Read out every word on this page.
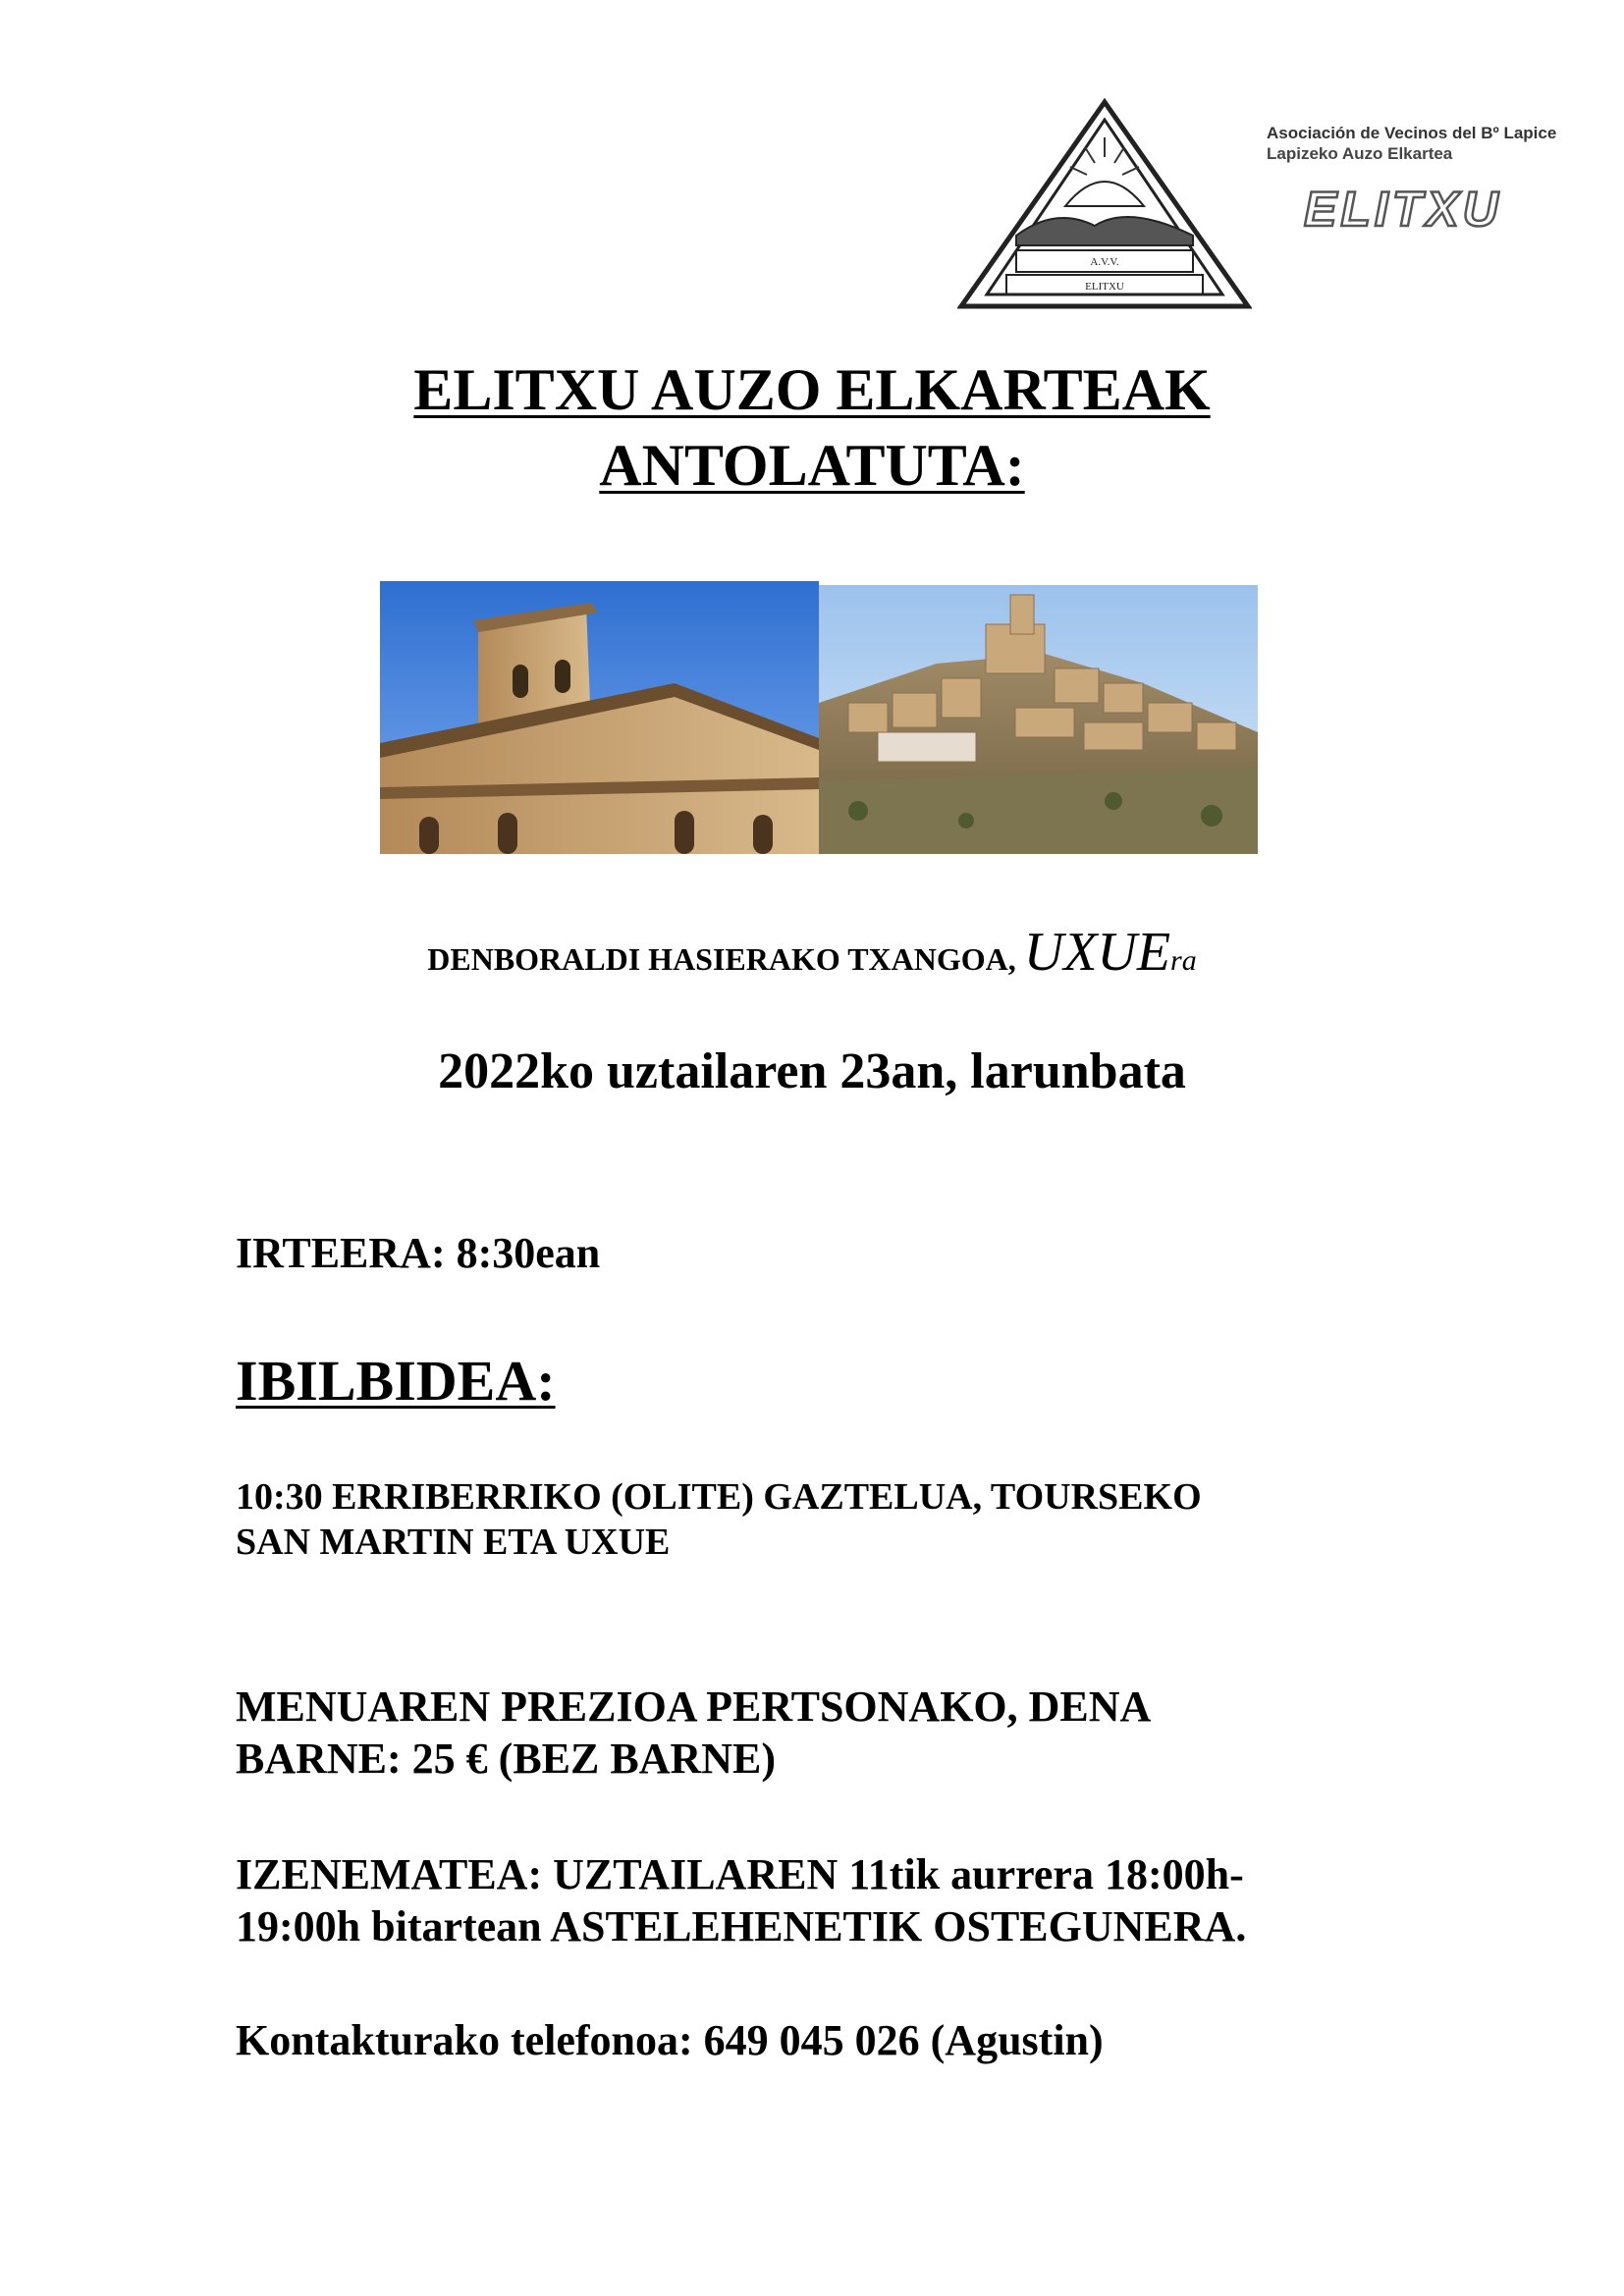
A.V.V.
ELITXU
Asociación de Vecinos del Bº Lapice
Lapizeko Auzo Elkartea
ELITXU
ELITXU AUZO ELKARTEAK
ANTOLATUTA:
DENBORALDI HASIERAKO TXANGOA, UXUEra
2022ko uztailaren 23an, larunbata
IRTEERA: 8:30ean
IBILBIDEA:
10:30 ERRIBERRIKO (OLITE) GAZTELUA, TOURSEKO
SAN MARTIN ETA UXUE
MENUAREN PREZIOA PERTSONAKO, DENA
BARNE: 25 € (BEZ BARNE)
IZENEMATEA: UZTAILAREN 11tik aurrera 18:00h-
19:00h bitartean ASTELEHENETIK OSTEGUNERA.
Kontakturako telefonoa: 649 045 026 (Agustin)
